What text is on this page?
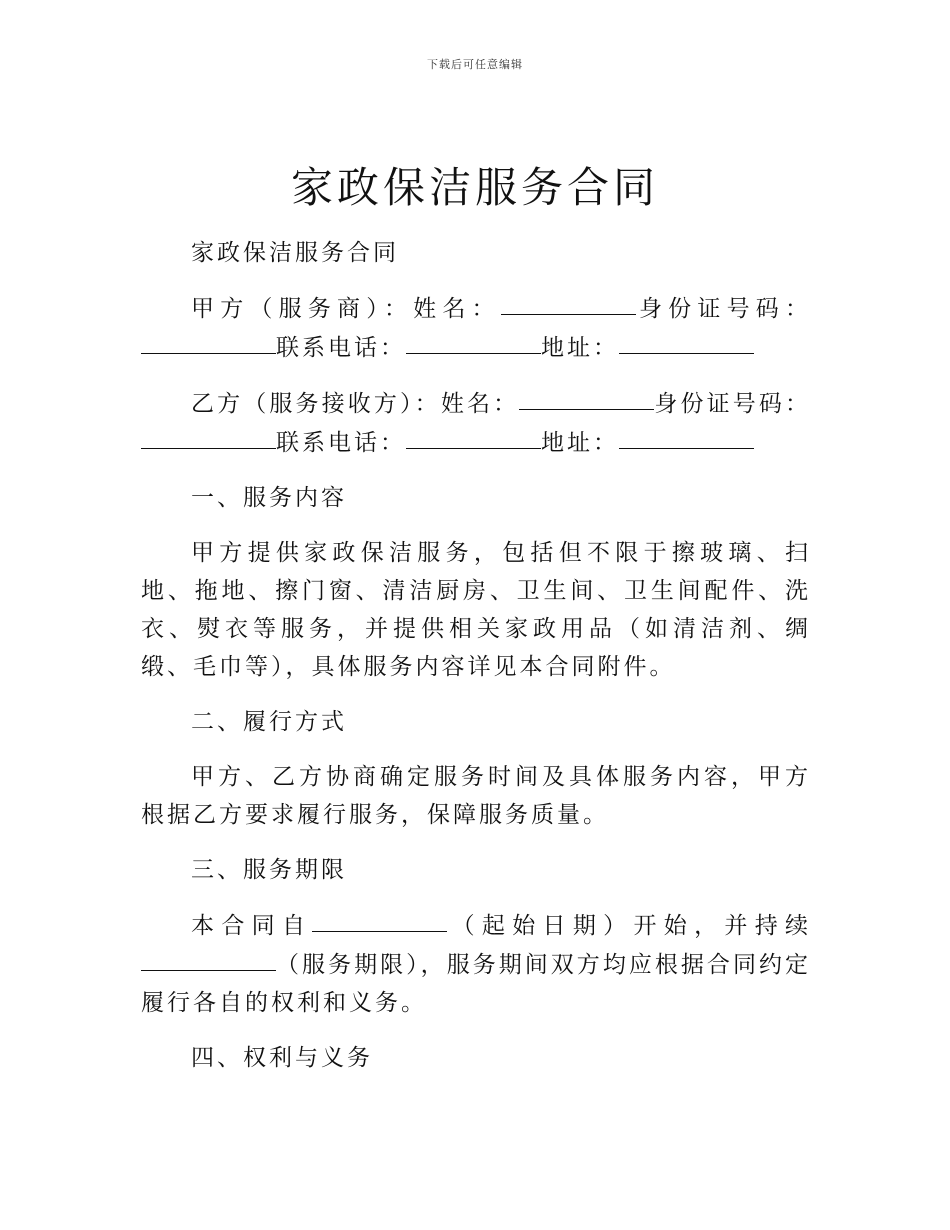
下载后可任意编辑
家政保洁服务合同

家政保洁服务合同

甲方（服务商）：姓名：	身份证号码：联系电话：	地址：

乙方（服务接收方）：姓名：	身份证号码：联系电话：	地址：

一、服务内容

甲方提供家政保洁服务，包括但不限于擦玻璃、扫地、拖地、擦门窗、清洁厨房、卫生间、卫生间配件、洗衣、熨衣等服务，并提供相关家政用品（如清洁剂、绸缎、毛巾等），具体服务内容详见本合同附件。

二、履行方式

甲方、乙方协商确定服务时间及具体服务内容，甲方根据乙方要求履行服务，保障服务质量。

三、服务期限

本合同自	（起始日期）开始，并持续（服务期限），服务期间双方均应根据合同约定履行各自的权利和义务。

四、权利与义务
